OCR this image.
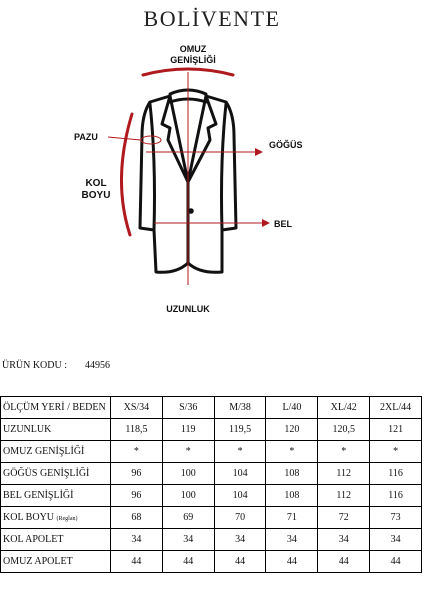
BOLİVENTE
OMUZ
GENİŞLİĞİ
PAZU
GÖĞÜS
KOL
BOYU
BEL
UZUNLUK
ÜRÜN KODU : 44956
ÖLÇÜM YERİ / BEDEN	XS/34	S/36	M/38	L/40	XL/42	2XL/44
UZUNLUK	118,5	119	119,5	120	120,5	121
OMUZ GENİŞLİĞİ	*	*	*	*	*	*
GÖĞÜS GENİŞLİĞİ	96	100	104	108	112	116
BEL GENİŞLİĞİ	96	100	104	108	112	116
KOL BOYU (Reglan)	68	69	70	71	72	73
KOL APOLET	34	34	34	34	34	34
OMUZ APOLET	44	44	44	44	44	44
